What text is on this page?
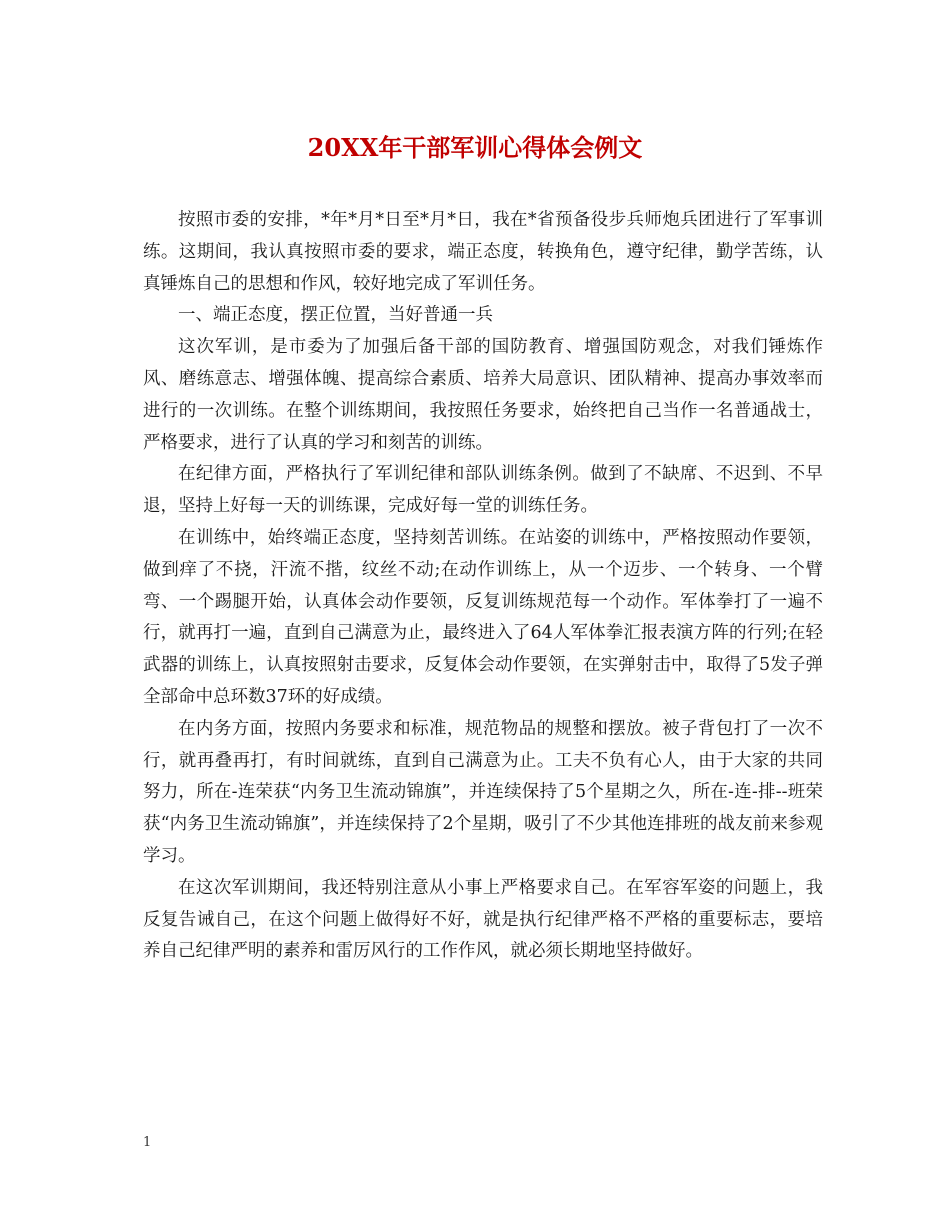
20XX年干部军训心得体会例文

按照市委的安排，*年*月*日至*月*日，我在*省预备役步兵师炮兵团进行了军事训练。这期间，我认真按照市委的要求，端正态度，转换角色，遵守纪律，勤学苦练，认真锤炼自己的思想和作风，较好地完成了军训任务。

一、端正态度，摆正位置，当好普通一兵

这次军训，是市委为了加强后备干部的国防教育、增强国防观念，对我们锤炼作风、磨练意志、增强体魄、提高综合素质、培养大局意识、团队精神、提高办事效率而进行的一次训练。在整个训练期间，我按照任务要求，始终把自己当作一名普通战士，严格要求，进行了认真的学习和刻苦的训练。

在纪律方面，严格执行了军训纪律和部队训练条例。做到了不缺席、不迟到、不早退，坚持上好每一天的训练课，完成好每一堂的训练任务。

在训练中，始终端正态度，坚持刻苦训练。在站姿的训练中，严格按照动作要领，做到痒了不挠，汗流不揩，纹丝不动;在动作训练上，从一个迈步、一个转身、一个臂弯、一个踢腿开始，认真体会动作要领，反复训练规范每一个动作。军体拳打了一遍不行，就再打一遍，直到自己满意为止，最终进入了64人军体拳汇报表演方阵的行列;在轻武器的训练上，认真按照射击要求，反复体会动作要领，在实弹射击中，取得了5发子弹全部命中总环数37环的好成绩。

在内务方面，按照内务要求和标准，规范物品的规整和摆放。被子背包打了一次不行，就再叠再打，有时间就练，直到自己满意为止。工夫不负有心人，由于大家的共同努力，所在-连荣获“内务卫生流动锦旗”，并连续保持了5个星期之久，所在-连-排--班荣获“内务卫生流动锦旗”，并连续保持了2个星期，吸引了不少其他连排班的战友前来参观学习。

在这次军训期间，我还特别注意从小事上严格要求自己。在军容军姿的问题上，我反复告诫自己，在这个问题上做得好不好，就是执行纪律严格不严格的重要标志，要培养自己纪律严明的素养和雷厉风行的工作作风，就必须长期地坚持做好。

1
